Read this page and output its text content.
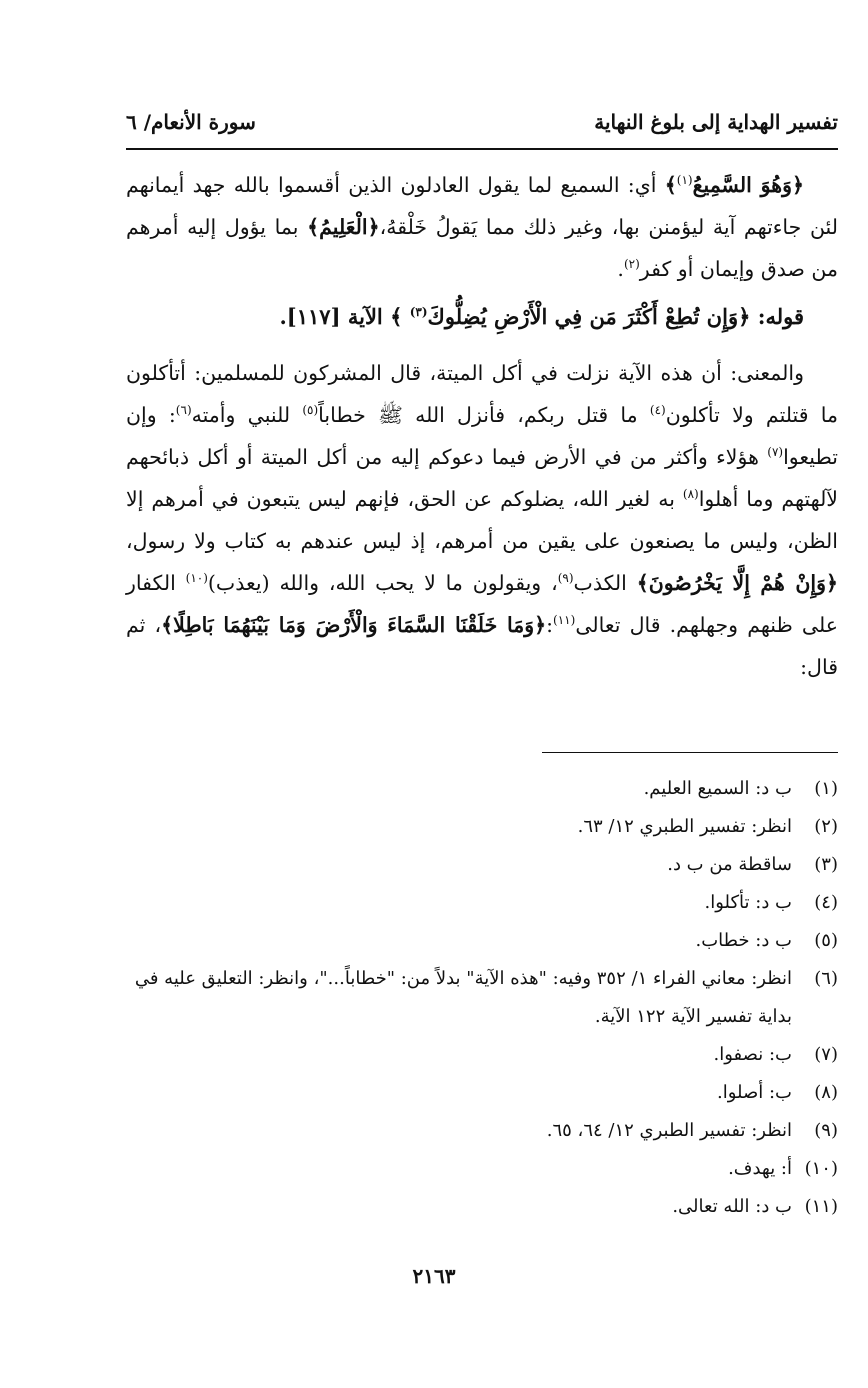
تفسير الهداية إلى بلوغ النهاية
سورة الأنعام/ ٦

﴿وَهُوَ السَّمِيعُ$^{(١)}$﴾ أي: السميع لما يقول العادلون الذين أقسموا بالله جهد أيمانهم لئن جاءتهم آية ليؤمنن بها، وغير ذلك مما يَقولُ خَلْقهُ،﴿الْعَلِيمُ﴾ بما يؤول إليه أمرهم من صدق وإيمان أو كفر$^{(٢)}$.

قوله: ﴿وَإِن تُطِعْ أَكْثَرَ مَن فِي الْأَرْضِ يُضِلُّوكَ$^{(٣)}$ ﴾ الآية [١١٧].

والمعنى: أن هذه الآية نزلت في أكل الميتة، قال المشركون للمسلمين: أتأكلون ما قتلتم ولا تأكلون$^{(٤)}$ ما قتل ربكم، فأنزل الله ﷺ خطاباً$^{(٥)}$ للنبي وأمته$^{(٦)}$: وإن تطيعوا$^{(٧)}$ هؤلاء وأكثر من في الأرض فيما دعوكم إليه من أكل الميتة أو أكل ذبائحهم لآلهتهم وما أهلوا$^{(٨)}$ به لغير الله، يضلوكم عن الحق، فإنهم ليس يتبعون في أمرهم إلا الظن، وليس ما يصنعون على يقين من أمرهم، إذ ليس عندهم به كتاب ولا رسول، ﴿وَإِنْ هُمْ إِلَّا يَخْرُصُونَ﴾ الكذب$^{(٩)}$، ويقولون ما لا يحب الله، والله (يعذب)$^{(١٠)}$ الكفار على ظنهم وجهلهم. قال تعالى$^{(١١)}$:﴿وَمَا خَلَقْنَا السَّمَاءَ وَالْأَرْضَ وَمَا بَيْنَهُمَا بَاطِلًا﴾، ثم قال:

(١)
ب د: السميع العليم.
(٢)
انظر: تفسير الطبري ١٢/ ٦٣.
(٣)
ساقطة من ب د.
(٤)
ب د: تأكلوا.
(٥)
ب د: خطاب.
(٦)
انظر: معاني الفراء ١/ ٣٥٢ وفيه: "هذه الآية" بدلاً من: "خطاباً..."، وانظر: التعليق عليه في بداية تفسير الآية ١٢٢ الآية.
(٧)
ب: نصفوا.
(٨)
ب: أصلوا.
(٩)
انظر: تفسير الطبري ١٢/ ٦٤، ٦٥.
(١٠)
أ: يهدف.
(١١)
ب د: الله تعالى.
٢١٦٣
